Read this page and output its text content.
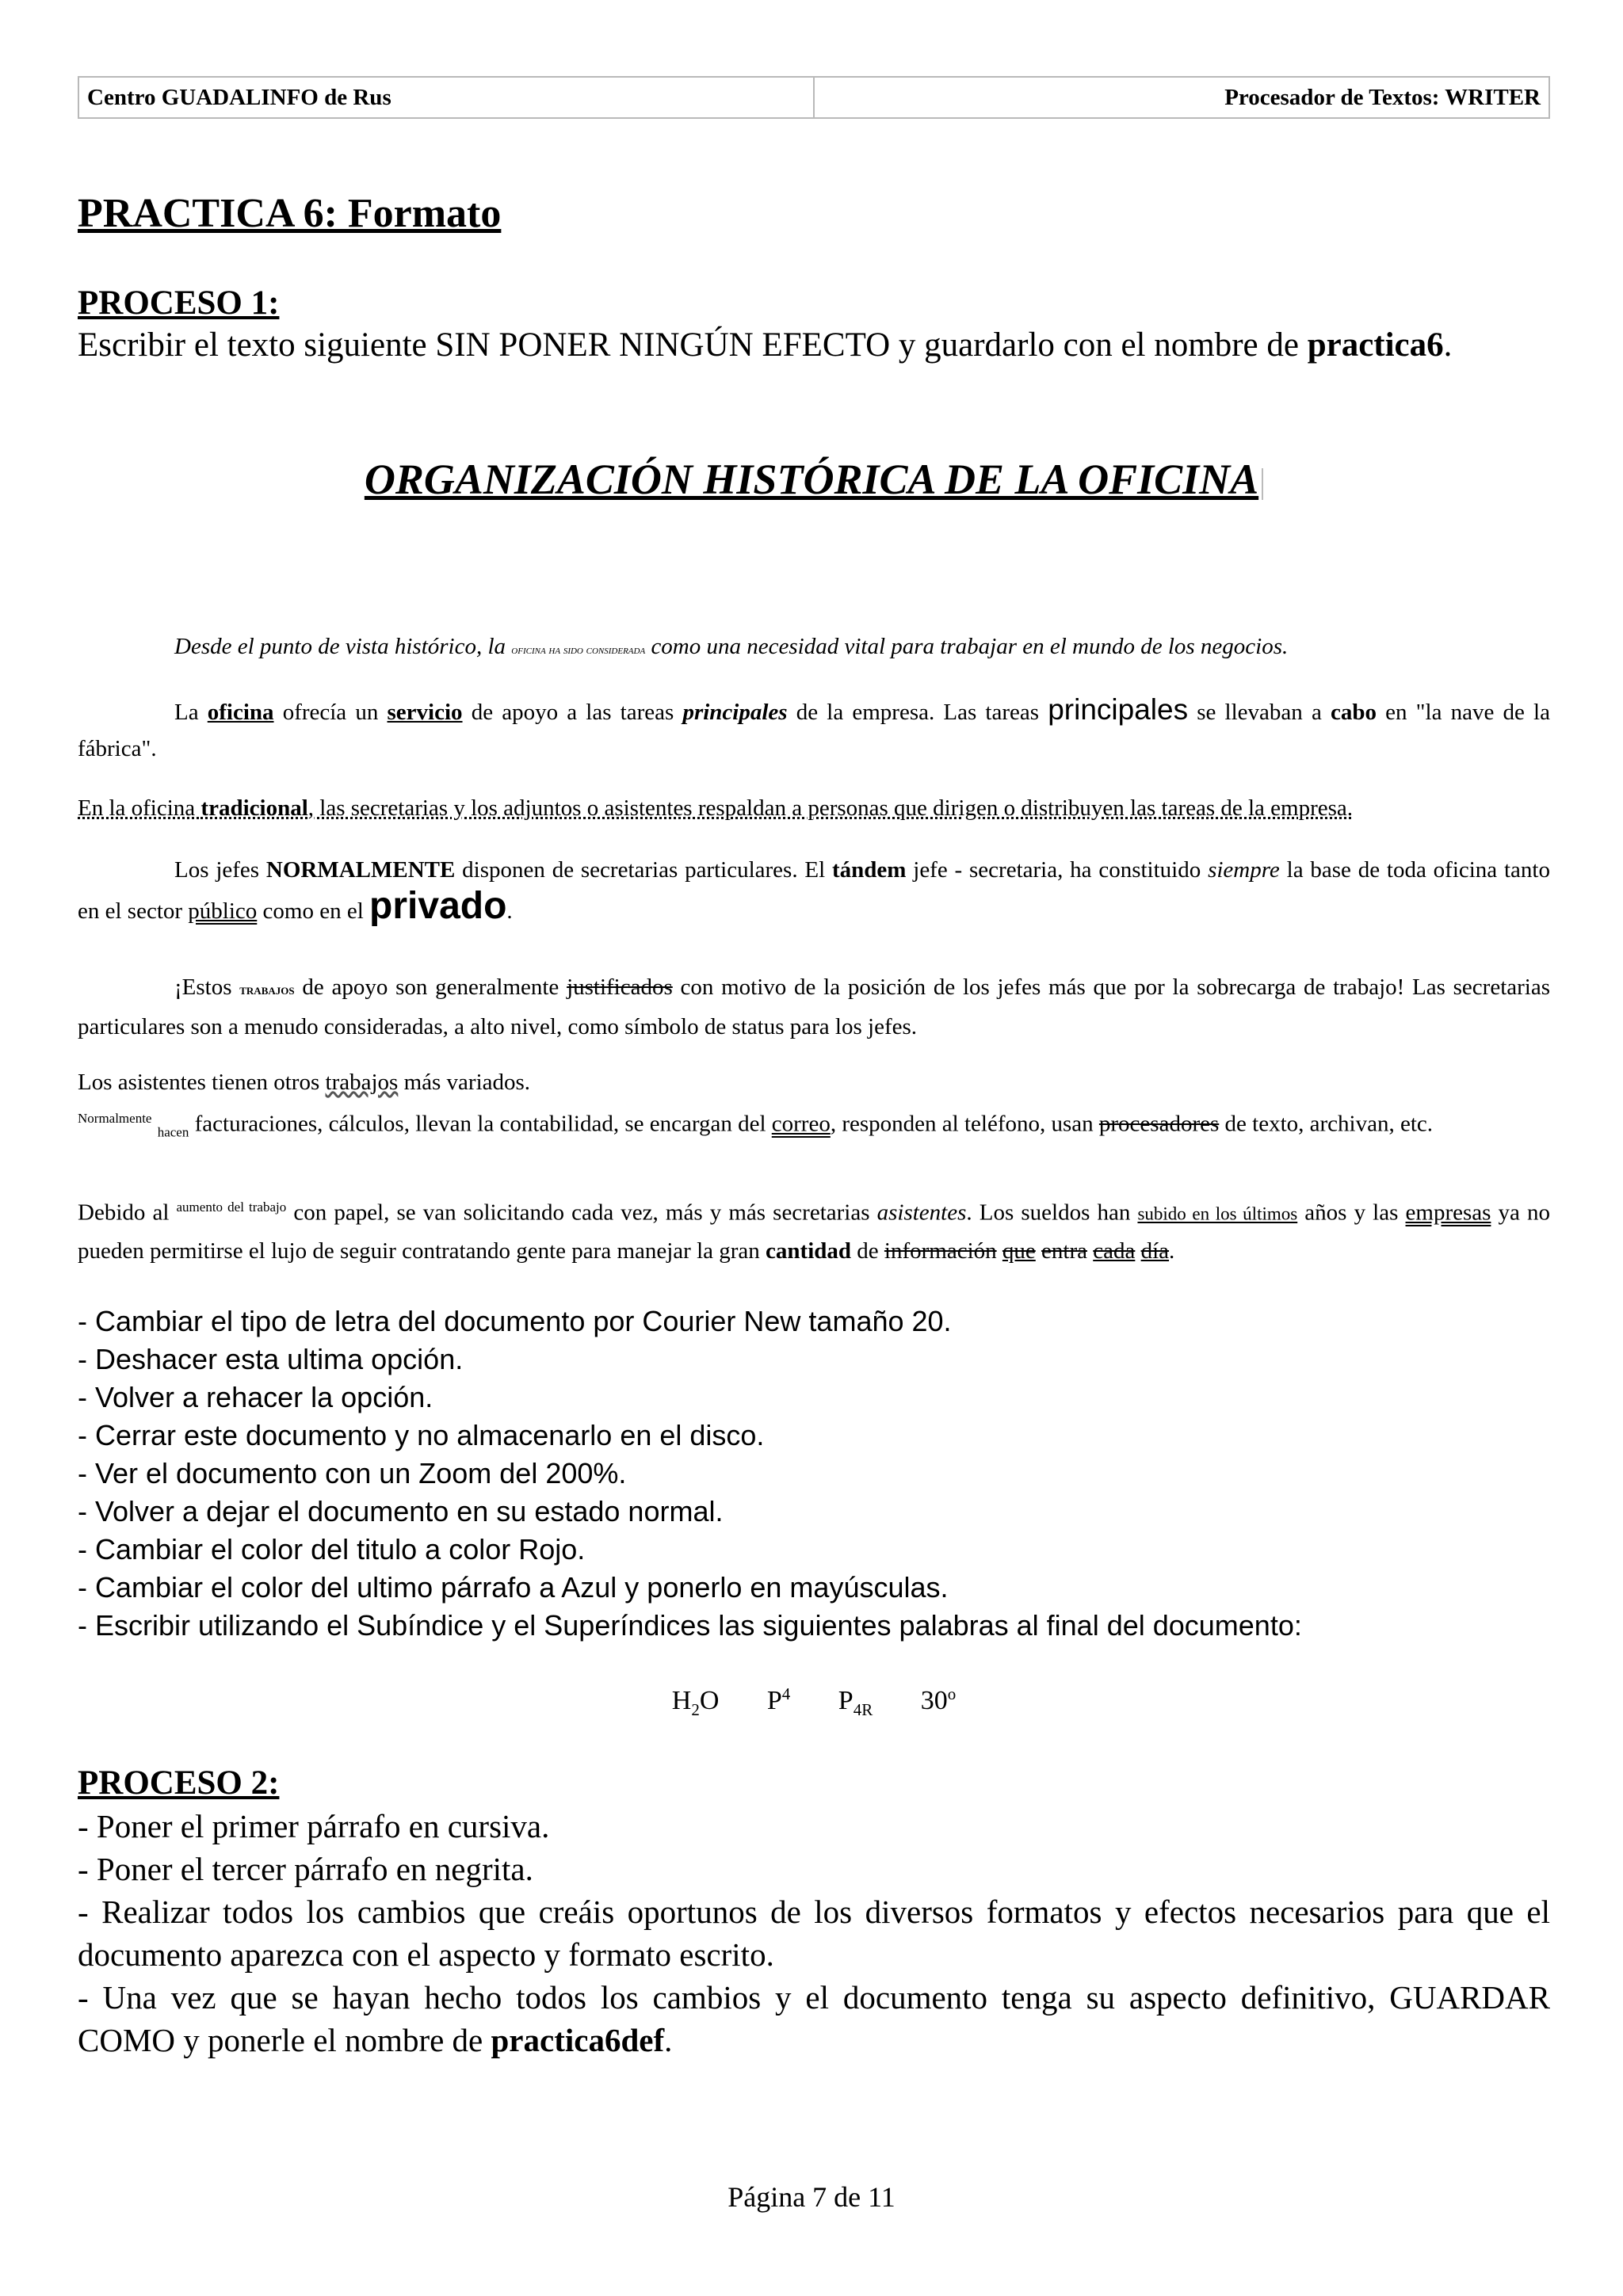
Centro GUADALINFO de Rus	Procesador de Textos: WRITER
PRACTICA 6: Formato
PROCESO 1:
Escribir el texto siguiente SIN PONER NINGÚN EFECTO y guardarlo con el nombre de practica6.
ORGANIZACIÓN HISTÓRICA DE LA OFICINA

Desde el punto de vista histórico, la oficina ha sido considerada como una necesidad vital para trabajar en el mundo de los negocios.

La oficina ofrecía un servicio de apoyo a las tareas principales de la empresa. Las tareas principales se llevaban a cabo en "la nave de la fábrica".

En la oficina tradicional, las secretarias y los adjuntos o asistentes respaldan a personas que dirigen o distribuyen las tareas de la empresa.

Los jefes NORMALMENTE disponen de secretarias particulares. El tándem jefe - secretaria, ha constituido siempre la base de toda oficina tanto en el sector público como en el privado.

¡Estos trabajos de apoyo son generalmente justificados con motivo de la posición de los jefes más que por la sobrecarga de trabajo! Las secretarias particulares son a menudo consideradas, a alto nivel, como símbolo de status para los jefes.

Los asistentes tienen otros trabajos más variados.
$^{Normalmente}$ $_{hacen}$ facturaciones, cálculos, llevan la contabilidad, se encargan del correo, responden al teléfono, usan procesadores de texto, archivan, etc.

Debido al $^{aumento del trabajo}$ con papel, se van solicitando cada vez, más y más secretarias asistentes. Los sueldos han subido en los últimos años y las empresas ya no pueden permitirse el lujo de seguir contratando gente para manejar la gran cantidad de información que entra cada día.

- Cambiar el tipo de letra del documento por Courier New tamaño 20.
- Deshacer esta ultima opción.
- Volver a rehacer la opción.
- Cerrar este documento y no almacenarlo en el disco.
- Ver el documento con un Zoom del 200%.
- Volver a dejar el documento en su estado normal.
- Cambiar el color del titulo a color Rojo.
- Cambiar el color del ultimo párrafo a Azul y ponerlo en mayúsculas.
- Escribir utilizando el Subíndice y el Superíndices las siguientes palabras al final del documento:
$H_2O$ $P^4$ $P_{4R}$ 30$^o$
PROCESO 2:
- Poner el primer párrafo en cursiva.
- Poner el tercer párrafo en negrita.
- Realizar todos los cambios que creáis oportunos de los diversos formatos y efectos necesarios para que el documento aparezca con el aspecto y formato escrito.
- Una vez que se hayan hecho todos los cambios y el documento tenga su aspecto definitivo, GUARDAR COMO y ponerle el nombre de practica6def.
Página 7 de 11
